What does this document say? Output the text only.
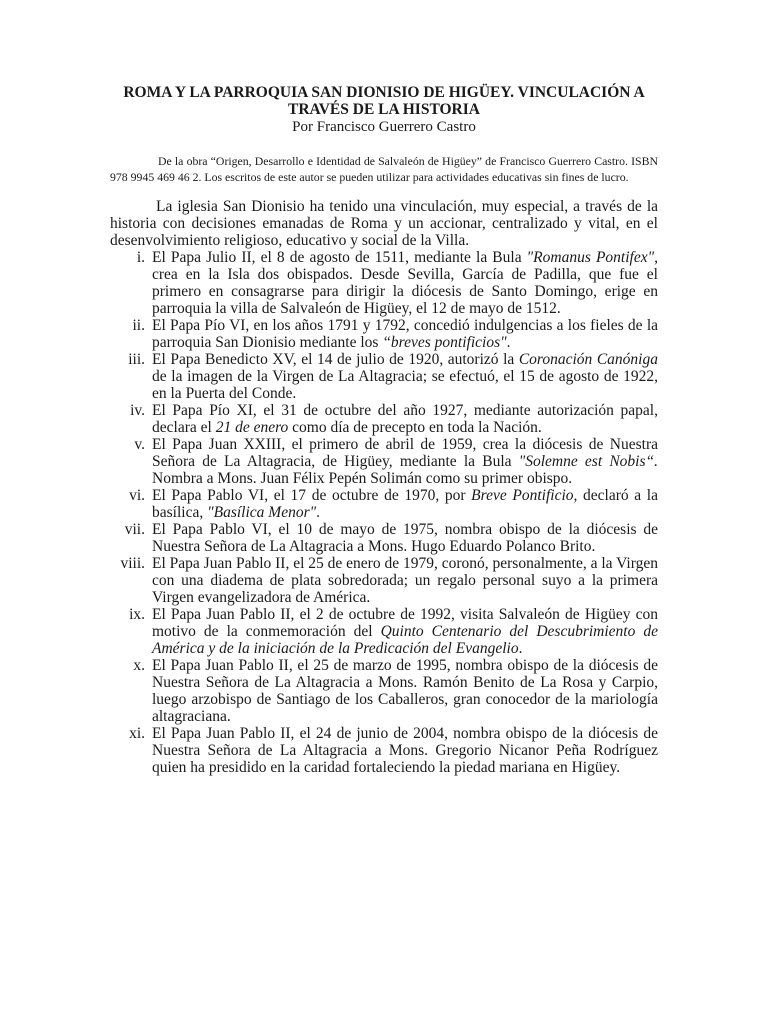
ROMA Y LA PARROQUIA SAN DIONISIO DE HIGÜEY. VINCULACIÓN A
TRAVÉS DE LA HISTORIA

Por Francisco Guerrero Castro

De la obra “Origen, Desarrollo e Identidad de Salvaleón de Higüey” de Francisco Guerrero Castro. ISBN 978 9945 469 46 2. Los escritos de este autor se pueden utilizar para actividades educativas sin fines de lucro.

La iglesia San Dionisio ha tenido una vinculación, muy especial, a través de la historia con decisiones emanadas de Roma y un accionar, centralizado y vital, en el desenvolvimiento religioso, educativo y social de la Villa.

i. El Papa Julio II, el 8 de agosto de 1511, mediante la Bula "Romanus Pontifex", crea en la Isla dos obispados. Desde Sevilla, García de Padilla, que fue el primero en consagrarse para dirigir la diócesis de Santo Domingo, erige en parroquia la villa de Salvaleón de Higüey, el 12 de mayo de 1512.
ii. El Papa Pío VI, en los años 1791 y 1792, concedió indulgencias a los fieles de la parroquia San Dionisio mediante los “breves pontificios".
iii. El Papa Benedicto XV, el 14 de julio de 1920, autorizó la Coronación Canóniga de la imagen de la Virgen de La Altagracia; se efectuó, el 15 de agosto de 1922, en la Puerta del Conde.
iv. El Papa Pío XI, el 31 de octubre del año 1927, mediante autorización papal, declara el 21 de enero como día de precepto en toda la Nación.
v. El Papa Juan XXIII, el primero de abril de 1959, crea la diócesis de Nuestra Señora de La Altagracia, de Higüey, mediante la Bula "Solemne est Nobis“. Nombra a Mons. Juan Félix Pepén Solimán como su primer obispo.
vi. El Papa Pablo VI, el 17 de octubre de 1970, por Breve Pontificio, declaró a la basílica, "Basílica Menor".
vii. El Papa Pablo VI, el 10 de mayo de 1975, nombra obispo de la diócesis de Nuestra Señora de La Altagracia a Mons. Hugo Eduardo Polanco Brito.
viii. El Papa Juan Pablo II, el 25 de enero de 1979, coronó, personalmente, a la Virgen con una diadema de plata sobredorada; un regalo personal suyo a la primera Virgen evangelizadora de América.
ix. El Papa Juan Pablo II, el 2 de octubre de 1992, visita Salvaleón de Higüey con motivo de la conmemoración del Quinto Centenario del Descubrimiento de América y de la iniciación de la Predicación del Evangelio.
x. El Papa Juan Pablo II, el 25 de marzo de 1995, nombra obispo de la diócesis de Nuestra Señora de La Altagracia a Mons. Ramón Benito de La Rosa y Carpio, luego arzobispo de Santiago de los Caballeros, gran conocedor de la mariología altagraciana.
xi. El Papa Juan Pablo II, el 24 de junio de 2004, nombra obispo de la diócesis de Nuestra Señora de La Altagracia a Mons. Gregorio Nicanor Peña Rodríguez quien ha presidido en la caridad fortaleciendo la piedad mariana en Higüey.
